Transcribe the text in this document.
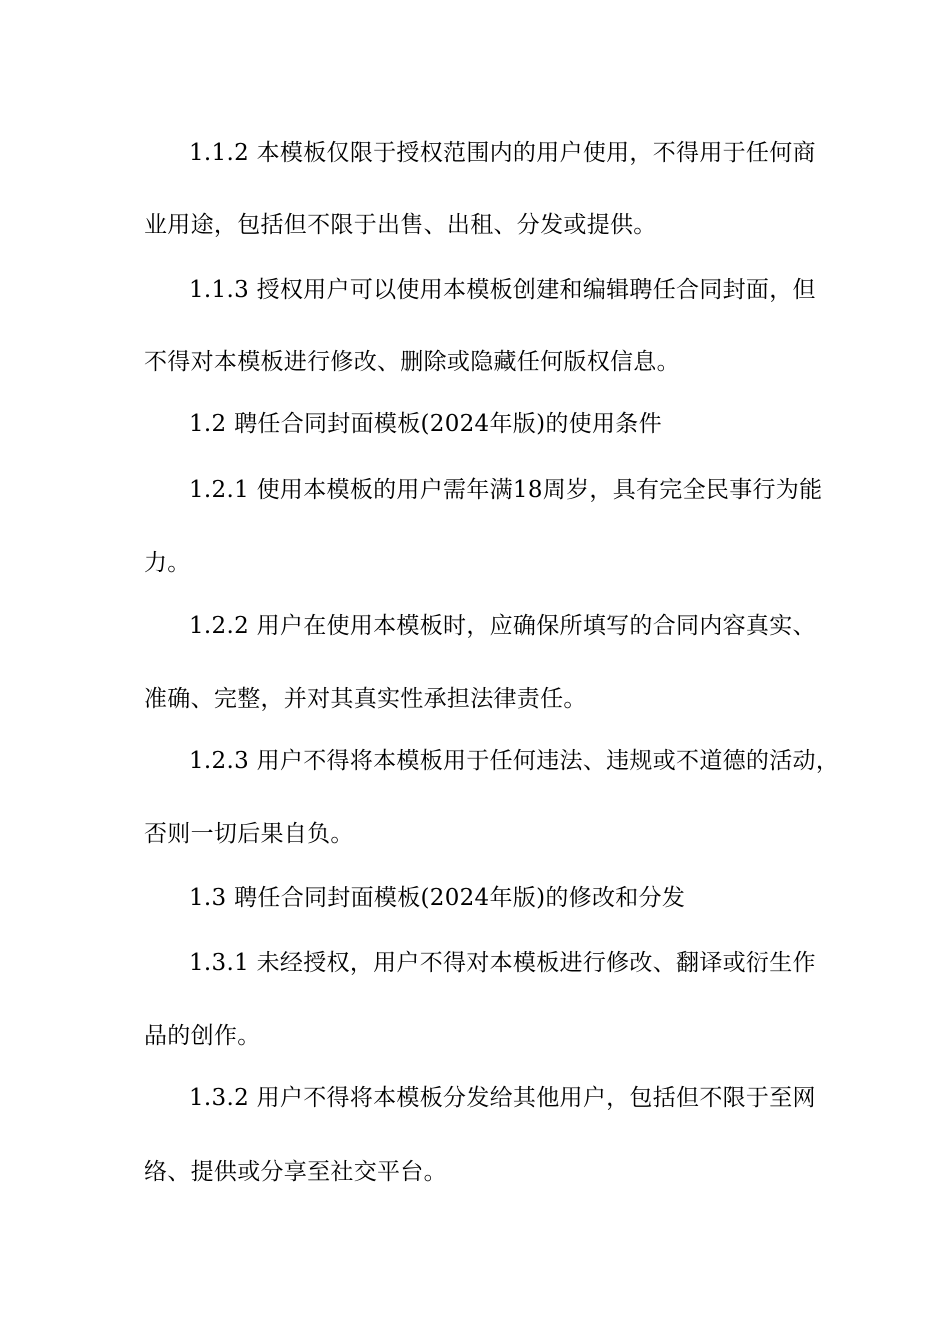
1.1.2 本模板仅限于授权范围内的用户使用，不得用于任何商

业用途，包括但不限于出售、出租、分发或提供。

1.1.3 授权用户可以使用本模板创建和编辑聘任合同封面，但

不得对本模板进行修改、删除或隐藏任何版权信息。

1.2 聘任合同封面模板(2024年版)的使用条件

1.2.1 使用本模板的用户需年满18周岁，具有完全民事行为能

力。

1.2.2 用户在使用本模板时，应确保所填写的合同内容真实、

准确、完整，并对其真实性承担法律责任。

1.2.3 用户不得将本模板用于任何违法、违规或不道德的活动，

否则一切后果自负。

1.3 聘任合同封面模板(2024年版)的修改和分发

1.3.1 未经授权，用户不得对本模板进行修改、翻译或衍生作

品的创作。

1.3.2 用户不得将本模板分发给其他用户，包括但不限于至网

络、提供或分享至社交平台。
